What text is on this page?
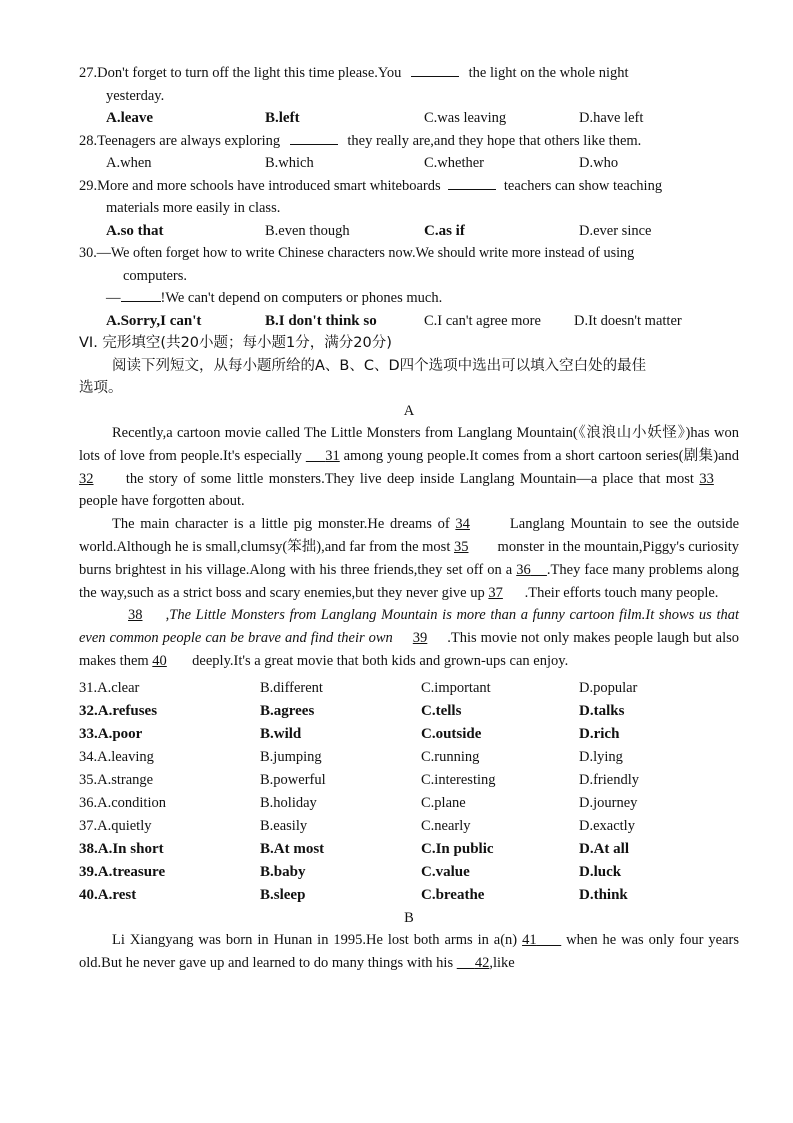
27.Don't forget to turn off the light this time please.You	the light on the whole night
yesterday.
A.leave	B.left	C.was leaving	D.have left
28.Teenagers are always exploring	they really are,and they hope that others like them.
A.when	B.which	C.whether	D.who
29.More and more schools have introduced smart whiteboards	teachers can show teaching
materials more easily in class.
A.so that	B.even though	C.as if	D.ever since
30.—We often forget how to write Chinese characters now.We should write more instead of using
computers.
—	!We can't depend on computers or phones much.
A.Sorry,I can't	B.I don't think so	C.I can't agree more	D.It doesn't matter
VI. 完形填空(共20小题；每小题1分，满分20分)
阅读下列短文，从每小题所给的A、B、C、D四个选项中选出可以填入空白处的最佳
选项。
A
Recently,a cartoon movie called The Little Monsters from Langlang Mountain(《浪浪山小妖怪》)has won lots of love from people.It's especially 31 among young people.It comes from a short cartoon series(剧集)and 32 the story of some little monsters.They live deep inside Langlang Mountain—a place that most 33      people have forgotten about.
The main character is a little pig monster.He dreams of 34	Langlang Mountain to see the outside world.Although he is small,clumsy(笨拙),and far from the most 35 monster in the mountain,Piggy's curiosity burns brightest in his village.Along with his three friends,they set off on a 36 .They face many problems along the way,such as a strict boss and scary enemies,but they never give up 37 .Their efforts touch many people.
38 ,The Little Monsters from Langlang Mountain is more than a funny cartoon film.It shows us that even common people can be brave and find their own 39 .This movie not only makes people laugh but also makes them 40 deeply.It's a great movie that both kids and grown-ups can enjoy.
31.A.clear	B.different	C.important	D.popular
32.A.refuses	B.agrees	C.tells	D.talks
33.A.poor	B.wild	C.outside	D.rich
34.A.leaving	B.jumping	C.running	D.lying
35.A.strange	B.powerful	C.interesting	D.friendly
36.A.condition	B.holiday	C.plane	D.journey
37.A.quietly	B.easily	C.nearly	D.exactly
38.A.In short	B.At most	C.In public	D.At all
39.A.treasure	B.baby	C.value	D.luck
40.A.rest	B.sleep	C.breathe	D.think
B
Li Xiangyang was born in Hunan in 1995.He lost both arms in a(n) 41 when he was only four years old.But he never gave up and learned to do many things with his 42,like
